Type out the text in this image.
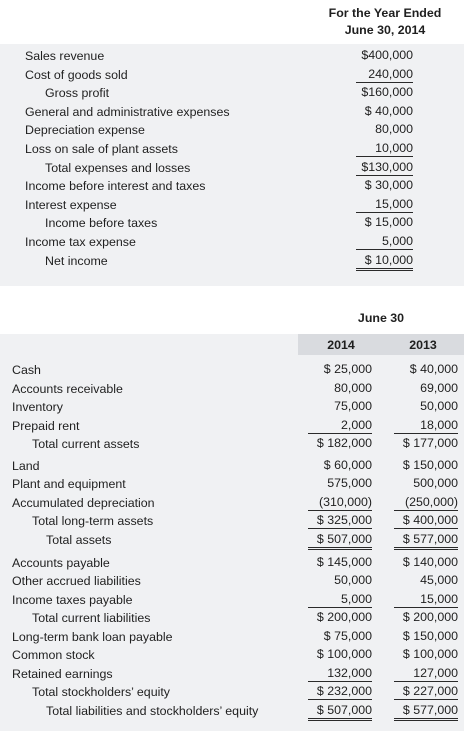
For the Year Ended
June 30, 2014
Sales revenue	$400,000
Cost of goods sold	240,000
Gross profit	$160,000
General and administrative expenses	$ 40,000
Depreciation expense	80,000
Loss on sale of plant assets	10,000
Total expenses and losses	$130,000
Income before interest and taxes	$ 30,000
Interest expense	15,000
Income before taxes	$ 15,000
Income tax expense	5,000
Net income	$ 10,000
June 30
2014	2013
Cash	$ 25,000	$ 40,000
Accounts receivable	80,000	69,000
Inventory	75,000	50,000
Prepaid rent	2,000	18,000
Total current assets	$ 182,000	$ 177,000
Land	$ 60,000	$ 150,000
Plant and equipment	575,000	500,000
Accumulated depreciation	(310,000)	(250,000)
Total long-term assets	$ 325,000	$ 400,000
Total assets	$ 507,000	$ 577,000
Accounts payable	$ 145,000	$ 140,000
Other accrued liabilities	50,000	45,000
Income taxes payable	5,000	15,000
Total current liabilities	$ 200,000	$ 200,000
Long-term bank loan payable	$ 75,000	$ 150,000
Common stock	$ 100,000	$ 100,000
Retained earnings	132,000	127,000
Total stockholders’ equity	$ 232,000	$ 227,000
Total liabilities and stockholders’ equity	$ 507,000	$ 577,000
